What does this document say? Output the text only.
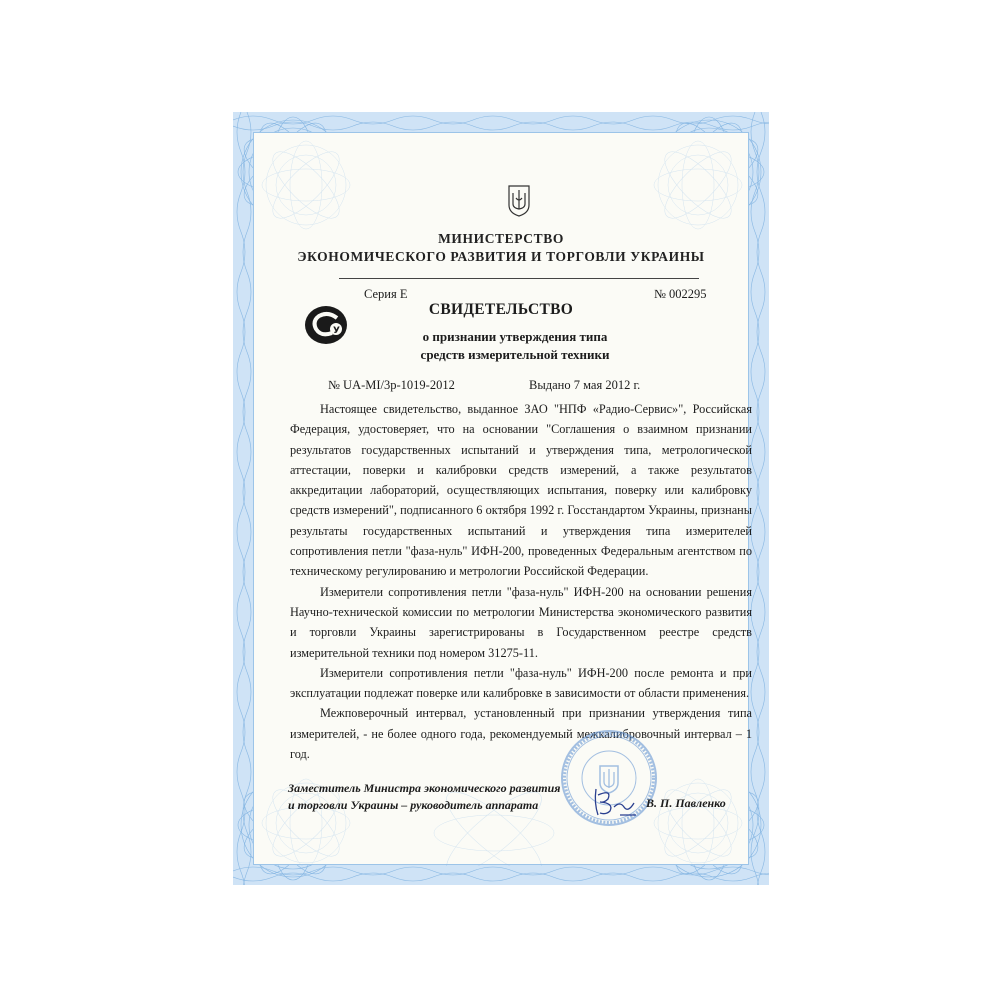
МИНИСТЕРСТВО
ЭКОНОМИЧЕСКОГО РАЗВИТИЯ И ТОРГОВЛИ УКРАИНЫ
Серия Е	№ 002295
У
СВИДЕТЕЛЬСТВО
о признании утверждения типа
средств измерительной техники
№ UA-MI/3р-1019-2012	Выдано 7 мая 2012 г.

Настоящее свидетельство, выданное ЗАО "НПФ «Радио-Сервис»", Российская Федерация, удостоверяет, что на основании "Соглашения о взаимном признании результатов государственных испытаний и утверждения типа, метрологической аттестации, поверки и калибровки средств измерений, а также результатов аккредитации лабораторий, осуществляющих испытания, поверку или калибровку средств измерений", подписанного 6 октября 1992 г. Госстандартом Украины, признаны результаты государственных испытаний и утверждения типа измерителей сопротивления петли "фаза-нуль" ИФН-200, проведенных Федеральным агентством по техническому регулированию и метрологии Российской Федерации.

Измерители сопротивления петли "фаза-нуль" ИФН-200 на основании решения Научно-технической комиссии по метрологии Министерства экономического развития и торговли Украины зарегистрированы в Государственном реестре средств измерительной техники под номером 31275-11.

Измерители сопротивления петли "фаза-нуль" ИФН-200 после ремонта и при эксплуатации подлежат поверке или калибровке в зависимости от области применения.

Межповерочный интервал, установленный при признании утверждения типа измерителей, - не более одного года, рекомендуемый межкалибровочный интервал – 1 год.

Заместитель Министра экономического развития
и торговли Украины – руководитель аппарата	В. П. Павленко
